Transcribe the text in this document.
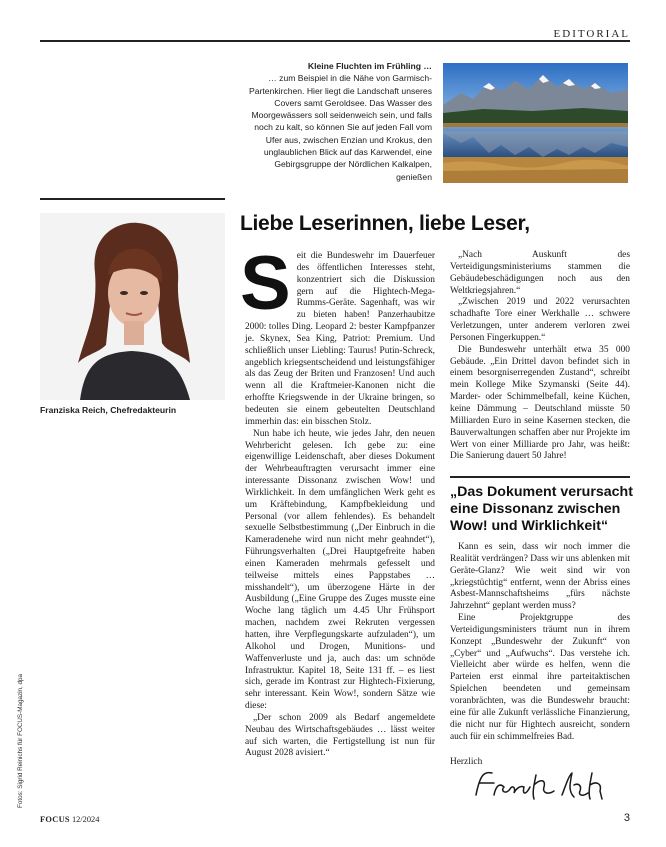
EDITORIAL
Kleine Fluchten im Frühling …
… zum Beispiel in die Nähe von Garmisch-Partenkirchen. Hier liegt die Landschaft unseres Covers samt Geroldsee. Das Wasser des Moorgewässers soll seidenweich sein, und falls noch zu kalt, so können Sie auf jeden Fall vom Ufer aus, zwischen Enzian und Krokus, den unglaublichen Blick auf das Karwendel, eine Gebirgsgruppe der Nördlichen Kalkalpen, genießen
Franziska Reich, Chefredakteurin
Liebe Leserinnen, liebe Leser,

Seit die Bundeswehr im Dauerfeuer des öffentlichen Interesses steht, konzentriert sich die Diskussion gern auf die Hightech-Mega-Rumms-Geräte. Sagenhaft, was wir zu bieten haben! Panzerhaubitze 2000: tolles Ding. Leopard 2: bester Kampfpanzer je. Skynex, Sea King, Patriot: Premium. Und schließlich unser Liebling: Taurus! Putin-Schreck, angeblich kriegsentscheidend und leistungsfähiger als das Zeug der Briten und Franzosen! Und auch wenn all die Kraftmeier-Kanonen nicht die erhoffte Kriegswende in der Ukraine bringen, so bedeuten sie einem gebeutelten Deutschland immerhin das: ein bisschen Stolz.

Nun habe ich heute, wie jedes Jahr, den neuen Wehrbericht gelesen. Ich gebe zu: eine eigenwillige Leidenschaft, aber dieses Dokument der Wehrbeauftragten verursacht immer eine interessante Dissonanz zwischen Wow! und Wirklichkeit. In dem umfänglichen Werk geht es um Kräftebindung, Kampfbekleidung und Personal (vor allem fehlendes). Es behandelt sexuelle Selbstbestimmung („Der Einbruch in die Kameradenehe wird nun nicht mehr geahndet“), Führungsverhalten („Drei Hauptgefreite haben einen Kameraden mehrmals gefesselt und teilweise mittels eines Pappstabes … misshandelt“), um überzogene Härte in der Ausbildung („Eine Gruppe des Zuges musste eine Woche lang täglich um 4.45 Uhr Frühsport machen, nachdem zwei Rekruten vergessen hatten, ihre Verpflegungskarte aufzuladen“), um Alkohol und Drogen, Munitions- und Waffenverluste und ja, auch das: um schnöde Infrastruktur. Kapitel 18, Seite 131 ff. – es liest sich, gerade im Kontrast zur Hightech-Fixierung, sehr interessant. Kein Wow!, sondern Sätze wie diese:

„Der schon 2009 als Bedarf angemeldete Neubau des Wirtschaftsgebäudes … lässt weiter auf sich warten, die Fertigstellung ist nun für August 2028 avisiert.“

„Nach Auskunft des Verteidigungsministeriums stammen die Gebäudebeschädigungen noch aus den Weltkriegsjahren.“

„Zwischen 2019 und 2022 verursachten schadhafte Tore einer Werkhalle … schwere Verletzungen, unter anderem verloren zwei Personen Fingerkuppen.“

Die Bundeswehr unterhält etwa 35 000 Gebäude. „Ein Drittel davon befindet sich in einem besorgniserregenden Zustand“, schreibt mein Kollege Mike Szymanski (Seite 44). Marder- oder Schimmelbefall, keine Küchen, keine Dämmung – Deutschland müsste 50 Milliarden Euro in seine Kasernen stecken, die Bauverwaltungen schaffen aber nur Projekte im Wert von einer Milliarde pro Jahr, was heißt: Die Sanierung dauert 50 Jahre!

„Das Dokument verursacht eine Dissonanz zwischen Wow! und Wirklichkeit“

Kann es sein, dass wir noch immer die Realität verdrängen? Dass wir uns ablenken mit Geräte-Glanz? Wie weit sind wir von „kriegstüchtig“ entfernt, wenn der Abriss eines Asbest-Mannschaftsheims „fürs nächste Jahrzehnt“ geplant werden muss?

Eine Projektgruppe des Verteidigungsministers träumt nun in ihrem Konzept „Bundeswehr der Zukunft“ von „Cyber“ und „Aufwuchs“. Das verstehe ich. Vielleicht aber würde es helfen, wenn die Parteien erst einmal ihre parteitaktischen Spielchen beendeten und gemeinsam voranbrächten, was die Bundeswehr braucht: eine für alle Zukunft verlässliche Finanzierung, die nicht nur für Hightech ausreicht, sondern auch für ein schimmelfreies Bad.

Herzlich
Fotos: Sigrid Reinichs für FOCUS-Magazin, dpa
FOCUS 12/2024	3
